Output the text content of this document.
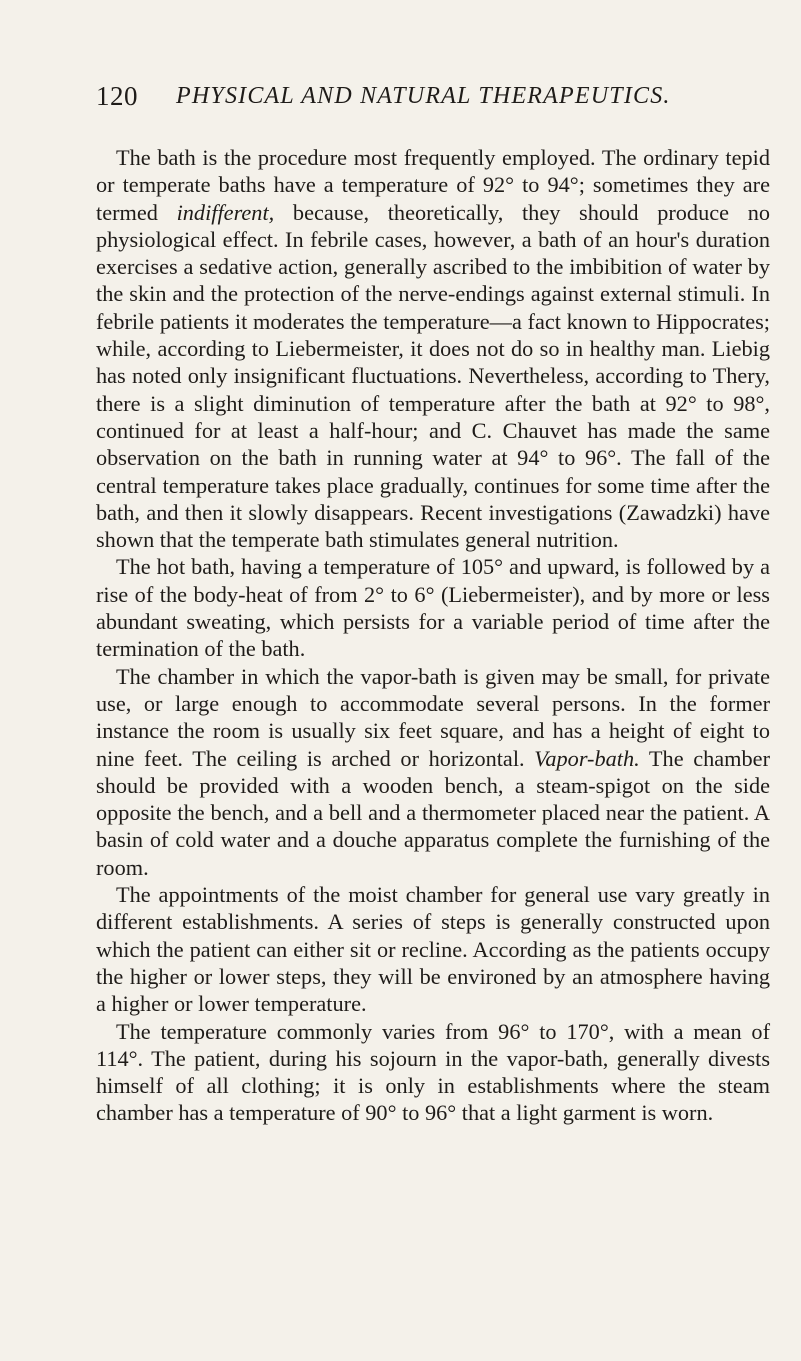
120 PHYSICAL AND NATURAL THERAPEUTICS.

The bath is the procedure most frequently employed. The ordinary tepid or temperate baths have a temperature of 92° to 94°; sometimes they are termed indifferent, because, theoretically, they should produce no physiological effect. In febrile cases, however, a bath of an hour's duration exercises a sedative action, generally ascribed to the imbibition of water by the skin and the protection of the nerve-endings against external stimuli. In febrile patients it moderates the temperature—a fact known to Hippocrates; while, according to Liebermeister, it does not do so in healthy man. Liebig has noted only insignificant fluctuations. Nevertheless, according to Thery, there is a slight diminution of temperature after the bath at 92° to 98°, continued for at least a half-hour; and C. Chauvet has made the same observation on the bath in running water at 94° to 96°. The fall of the central temperature takes place gradually, continues for some time after the bath, and then it slowly disappears. Recent investigations (Zawadzki) have shown that the temperate bath stimulates general nutrition.

The hot bath, having a temperature of 105° and upward, is followed by a rise of the body-heat of from 2° to 6° (Liebermeister), and by more or less abundant sweating, which persists for a variable period of time after the termination of the bath.

The chamber in which the vapor-bath is given may be small, for private use, or large enough to accommodate several persons. In the former instance the room is usually six feet square, and has a height of eight to nine feet. The ceiling is arched or horizontal. Vapor-bath. The chamber should be provided with a wooden bench, a steam-spigot on the side opposite the bench, and a bell and a thermometer placed near the patient. A basin of cold water and a douche apparatus complete the furnishing of the room.

The appointments of the moist chamber for general use vary greatly in different establishments. A series of steps is generally constructed upon which the patient can either sit or recline. According as the patients occupy the higher or lower steps, they will be environed by an atmosphere having a higher or lower temperature.

The temperature commonly varies from 96° to 170°, with a mean of 114°. The patient, during his sojourn in the vapor-bath, generally divests himself of all clothing; it is only in establishments where the steam chamber has a temperature of 90° to 96° that a light garment is worn.
